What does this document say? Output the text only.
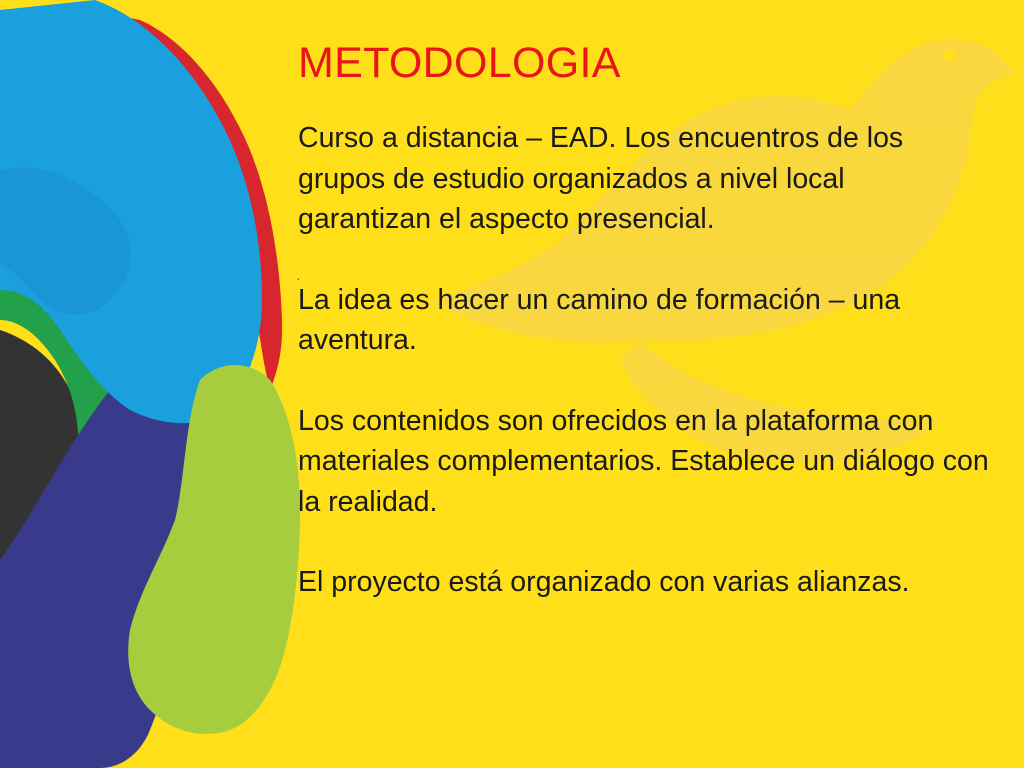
·
METODOLOGIA

Curso a distancia – EAD. Los encuentros de los grupos de estudio organizados a nivel local garantizan el aspecto presencial.

La idea es hacer un camino de formación – una aventura.

Los contenidos son ofrecidos en la plataforma con materiales complementarios. Establece un diálogo con la realidad.

El proyecto está organizado con varias alianzas.
